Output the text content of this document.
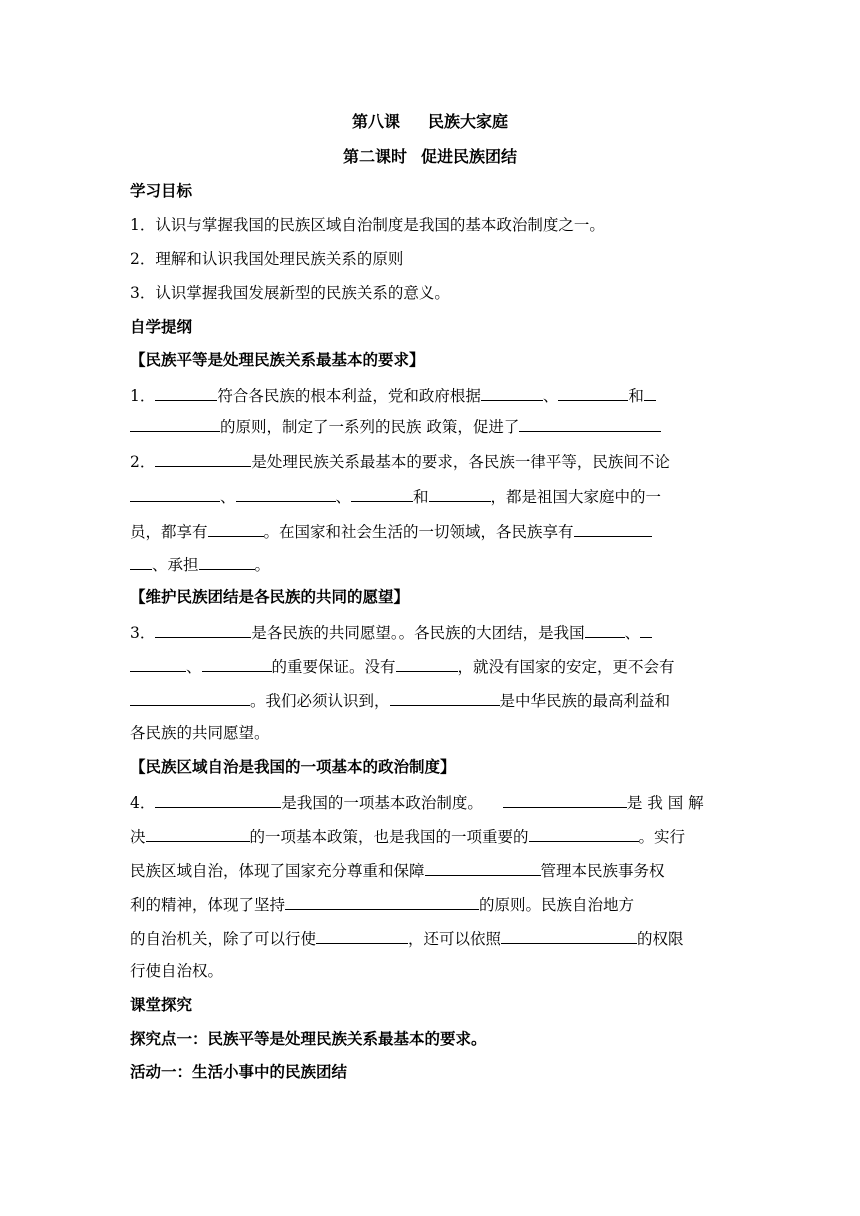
第八课 民族大家庭
第二课时 促进民族团结
学习目标
1．认识与掌握我国的民族区域自治制度是我国的基本政治制度之一。
2．理解和认识我国处理民族关系的原则
3．认识掌握我国发展新型的民族关系的意义。
自学提纲
【民族平等是处理民族关系最基本的要求】
1．	符合各民族的根本利益，党和政府根据	、	和
的原则，制定了一系列的民族 政策，促进了
2．	是处理民族关系最基本的要求，各民族一律平等，民族间不论
、	、	和	，都是祖国大家庭中的一
员，都享有	。在国家和社会生活的一切领域，各民族享有
、承担	。
【维护民族团结是各民族的共同的愿望】
3．	是各民族的共同愿望。。各民族的大团结，是我国	、
、	的重要保证。没有	，就没有国家的安定，更不会有
。我们必须认识到，	是中华民族的最高利益和
各民族的共同愿望。
【民族区域自治是我国的一项基本的政治制度】
4．	是我国的一项基本政治制度。	是 我 国 解
决	的一项基本政策，也是我国的一项重要的	。实行
民族区域自治，体现了国家充分尊重和保障	管理本民族事务权
利的精神，体现了坚持	的原则。民族自治地方
的自治机关，除了可以行使	，还可以依照	的权限
行使自治权。
课堂探究
探究点一：民族平等是处理民族关系最基本的要求。
活动一：生活小事中的民族团结
